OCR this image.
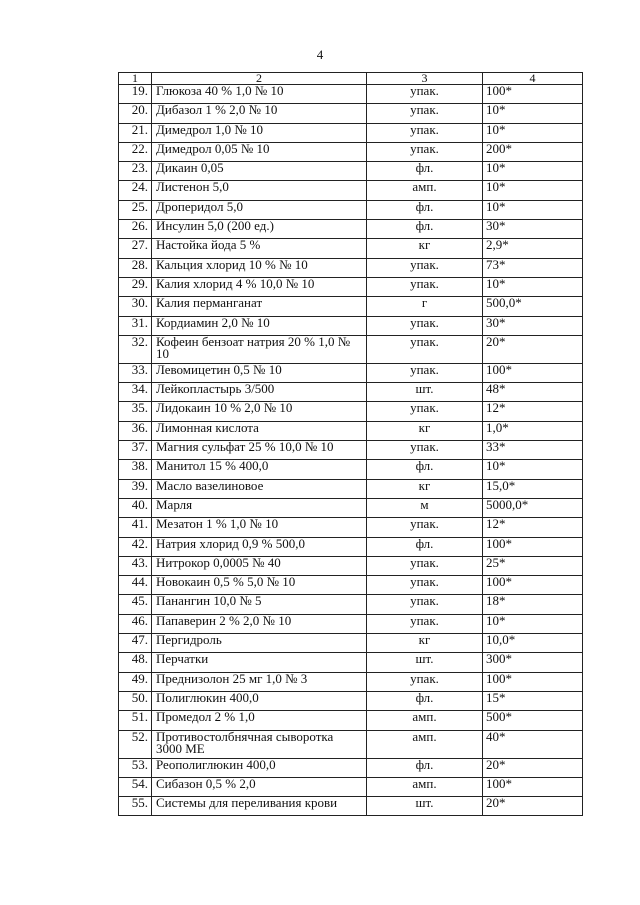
4
1	2	3	4
19.	Глюкоза 40 % 1,0 № 10	упак.	100*
20.	Дибазол 1 % 2,0 № 10	упак.	10*
21.	Димедрол 1,0 № 10	упак.	10*
22.	Димедрол 0,05 № 10	упак.	200*
23.	Дикаин 0,05	фл.	10*
24.	Листенон 5,0	амп.	10*
25.	Дроперидол 5,0	фл.	10*
26.	Инсулин 5,0 (200 ед.)	фл.	30*
27.	Настойка йода 5 %	кг	2,9*
28.	Кальция хлорид 10 % № 10	упак.	73*
29.	Калия хлорид 4 % 10,0 № 10	упак.	10*
30.	Калия перманганат	г	500,0*
31.	Кордиамин 2,0 № 10	упак.	30*
32.	Кофеин бензоат натрия 20 % 1,0 № 10	упак.	20*
33.	Левомицетин 0,5 № 10	упак.	100*
34.	Лейкопластырь 3/500	шт.	48*
35.	Лидокаин 10 % 2,0 № 10	упак.	12*
36.	Лимонная кислота	кг	1,0*
37.	Магния сульфат 25 % 10,0 № 10	упак.	33*
38.	Манитол 15 % 400,0	фл.	10*
39.	Масло вазелиновое	кг	15,0*
40.	Марля	м	5000,0*
41.	Мезатон 1 % 1,0 № 10	упак.	12*
42.	Натрия хлорид 0,9 % 500,0	фл.	100*
43.	Нитрокор 0,0005 № 40	упак.	25*
44.	Новокаин 0,5 % 5,0 № 10	упак.	100*
45.	Панангин 10,0 № 5	упак.	18*
46.	Папаверин 2 % 2,0 № 10	упак.	10*
47.	Пергидроль	кг	10,0*
48.	Перчатки	шт.	300*
49.	Преднизолон 25 мг 1,0 № 3	упак.	100*
50.	Полиглюкин 400,0	фл.	15*
51.	Промедол 2 % 1,0	амп.	500*
52.	Противостолбнячная сыворотка 3000 МЕ	амп.	40*
53.	Реополиглюкин 400,0	фл.	20*
54.	Сибазон 0,5 % 2,0	амп.	100*
55.	Системы для переливания крови	шт.	20*
